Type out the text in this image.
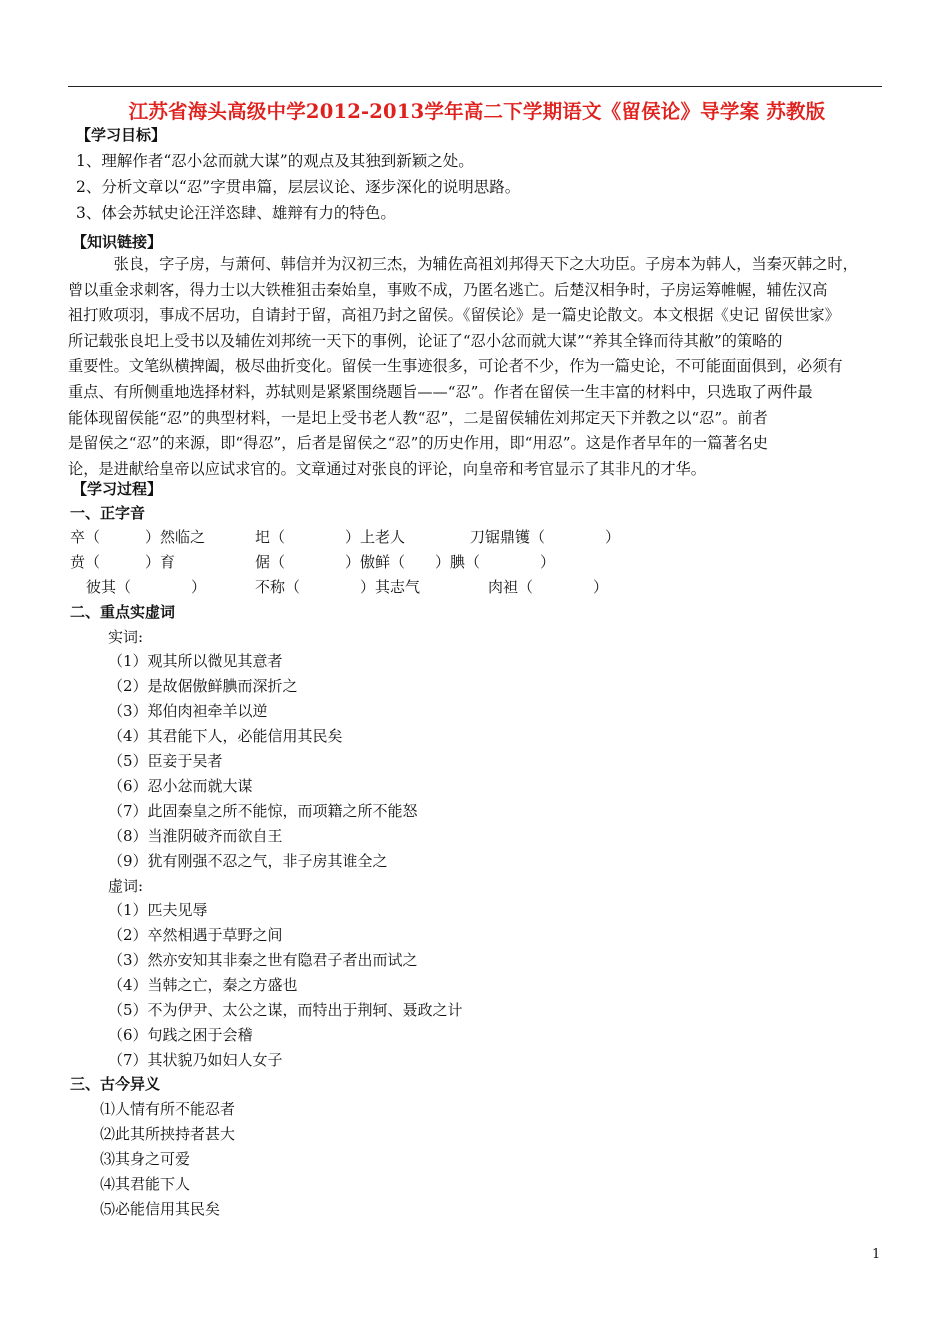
江苏省海头高级中学2012-2013学年高二下学期语文《留侯论》导学案 苏教版
【学习目标】
1、理解作者“忍小忿而就大谋”的观点及其独到新颖之处。
2、分析文章以“忍”字贯串篇，层层议论、逐步深化的说明思路。
3、体会苏轼史论汪洋恣肆、雄辩有力的特色。
【知识链接】
　　　张良，字子房，与萧何、韩信并为汉初三杰，为辅佐高祖刘邦得天下之大功臣。子房本为韩人，当秦灭韩之时，
曾以重金求刺客，得力士以大铁椎狙击秦始皇，事败不成，乃匿名逃亡。后楚汉相争时，子房运筹帷幄，辅佐汉高
祖打败项羽，事成不居功，自请封于留，高祖乃封之留侯。《留侯论》是一篇史论散文。本文根据《史记 留侯世家》
所记载张良圯上受书以及辅佐刘邦统一天下的事例，论证了“忍小忿而就大谋”“养其全锋而待其敝”的策略的
重要性。文笔纵横捭阖，极尽曲折变化。留侯一生事迹很多，可论者不少，作为一篇史论，不可能面面俱到，必须有
重点、有所侧重地选择材料，苏轼则是紧紧围绕题旨——“忍”。作者在留侯一生丰富的材料中，只选取了两件最
能体现留侯能“忍”的典型材料，一是圯上受书老人教“忍”，二是留侯辅佐刘邦定天下并教之以“忍”。前者
是留侯之“忍”的来源，即“得忍”，后者是留侯之“忍”的历史作用，即“用忍”。这是作者早年的一篇著名史
论，是进献给皇帝以应试求官的。文章通过对张良的评论，向皇帝和考官显示了其非凡的才华。
【学习过程】
一、正字音
卒（　　　）然临之	圯（　　　　）上老人	刀锯鼎镬（　　　　）
贲（　　　）育	倨（　　　　）傲鲜（　　）腆（　　　　）
彼其（　　　　）	不称（　　　　）其志气	肉袒（　　　　）
二、重点实虚词
实词:
（1）观其所以微见其意者
（2）是故倨傲鲜腆而深折之
（3）郑伯肉袒牵羊以逆
（4）其君能下人，必能信用其民矣
（5）臣妾于吴者
（6）忍小忿而就大谋
（7）此固秦皇之所不能惊，而项籍之所不能怒
（8）当淮阴破齐而欲自王
（9）犹有刚强不忍之气，非子房其谁全之
虚词:
（1）匹夫见辱
（2）卒然相遇于草野之间
（3）然亦安知其非秦之世有隐君子者出而试之
（4）当韩之亡，秦之方盛也
（5）不为伊尹、太公之谋，而特出于荆轲、聂政之计
（6）句践之困于会稽
（7）其状貌乃如妇人女子
三、古今异义
⑴人情有所不能忍者
⑵此其所挟持者甚大
⑶其身之可爱
⑷其君能下人
⑸必能信用其民矣
1
